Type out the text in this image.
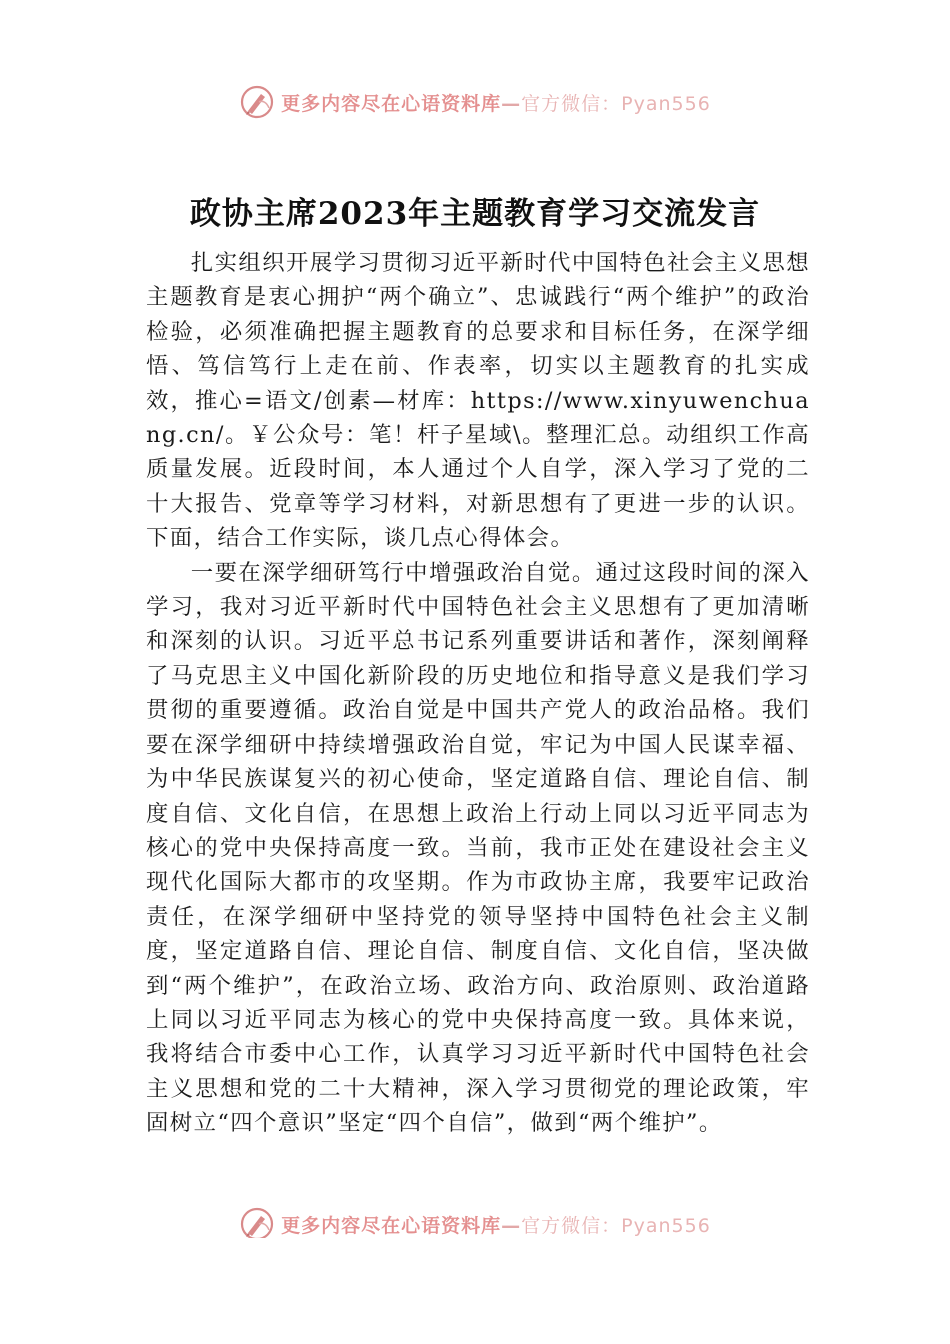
更多内容尽在心语资料库—官方微信：Pyan556
政协主席2023年主题教育学习交流发言

扎实组织开展学习贯彻习近平新时代中国特色社会主义思想主题教育是衷心拥护“两个确立”、忠诚践行“两个维护”的政治检验，必须准确把握主题教育的总要求和目标任务，在深学细悟、笃信笃行上走在前、作表率，切实以主题教育的扎实成效，推心=语文/创素—材库：https://www.xinyuwenchuang.cn/。￥公众号：笔！杆子星域\。整理汇总。动组织工作高质量发展。近段时间，本人通过个人自学，深入学习了党的二十大报告、党章等学习材料，对新思想有了更进一步的认识。下面，结合工作实际，谈几点心得体会。

一要在深学细研笃行中增强政治自觉。通过这段时间的深入学习，我对习近平新时代中国特色社会主义思想有了更加清晰和深刻的认识。习近平总书记系列重要讲话和著作，深刻阐释了马克思主义中国化新阶段的历史地位和指导意义是我们学习贯彻的重要遵循。政治自觉是中国共产党人的政治品格。我们要在深学细研中持续增强政治自觉，牢记为中国人民谋幸福、为中华民族谋复兴的初心使命，坚定道路自信、理论自信、制度自信、文化自信，在思想上政治上行动上同以习近平同志为核心的党中央保持高度一致。当前，我市正处在建设社会主义现代化国际大都市的攻坚期。作为市政协主席，我要牢记政治责任，在深学细研中坚持党的领导坚持中国特色社会主义制度，坚定道路自信、理论自信、制度自信、文化自信，坚决做到“两个维护”，在政治立场、政治方向、政治原则、政治道路上同以习近平同志为核心的党中央保持高度一致。具体来说，我将结合市委中心工作，认真学习习近平新时代中国特色社会主义思想和党的二十大精神，深入学习贯彻党的理论政策，牢固树立“四个意识”坚定“四个自信”，做到“两个维护”。

更多内容尽在心语资料库—官方微信：Pyan556
